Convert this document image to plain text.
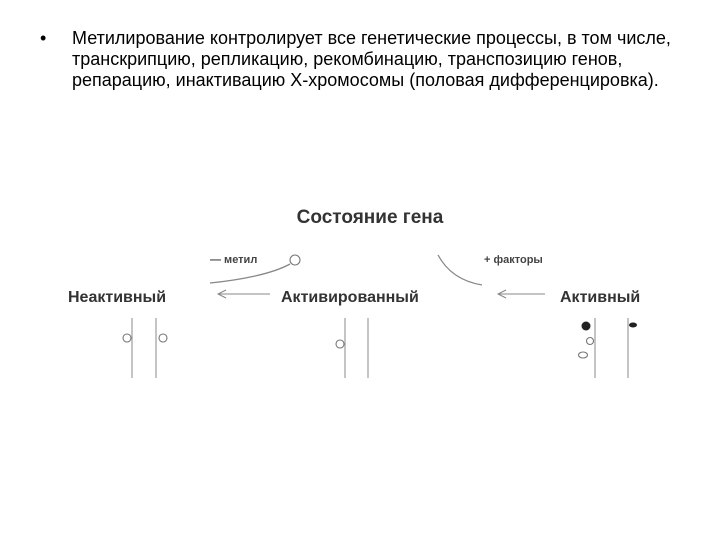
• Метилирование контролирует все генетические процессы, в том числе, транскрипцию, репликацию, рекомбинацию, транспозицию генов, репарацию, инактивацию Х-хромосомы (половая дифференцировка).
Состояние гена
— метил	+ факторы
Неактивный	Активированный	Активный
